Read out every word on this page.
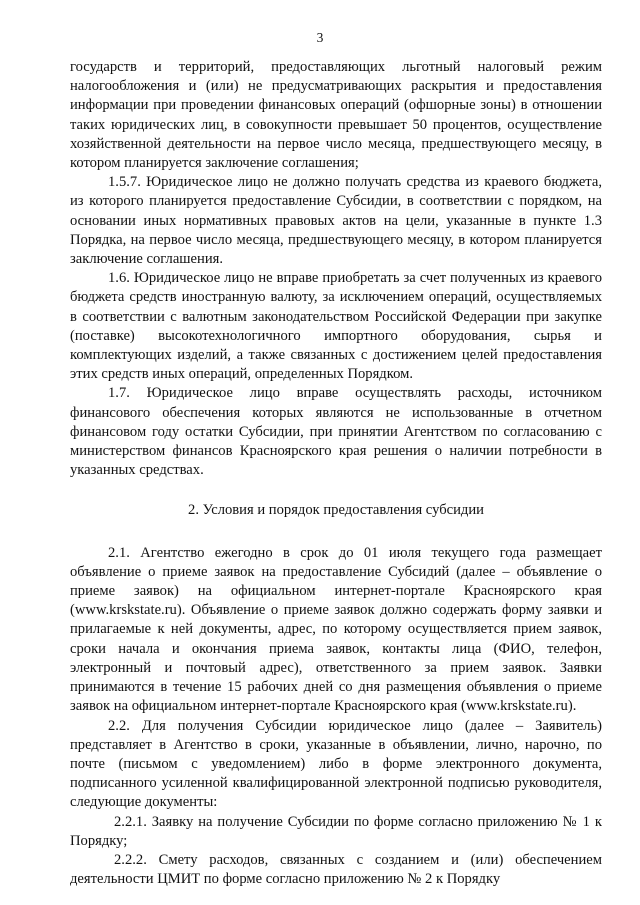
3

государств и территорий, предоставляющих льготный налоговый режим налогообложения и (или) не предусматривающих раскрытия и предоставления информации при проведении финансовых операций (офшорные зоны) в отношении таких юридических лиц, в совокупности превышает 50 процентов, осуществление хозяйственной деятельности на первое число месяца, предшествующего месяцу, в котором планируется заключение соглашения;

1.5.7. Юридическое лицо не должно получать средства из краевого бюджета, из которого планируется предоставление Субсидии, в соответствии с порядком, на основании иных нормативных правовых актов на цели, указанные в пункте 1.3 Порядка, на первое число месяца, предшествующего месяцу, в котором планируется заключение соглашения.

1.6. Юридическое лицо не вправе приобретать за счет полученных из краевого бюджета средств иностранную валюту, за исключением операций, осуществляемых в соответствии с валютным законодательством Российской Федерации при закупке (поставке) высокотехнологичного импортного оборудования, сырья и комплектующих изделий, а также связанных с достижением целей предоставления этих средств иных операций, определенных Порядком.

1.7. Юридическое лицо вправе осуществлять расходы, источником финансового обеспечения которых являются не использованные в отчетном финансовом году остатки Субсидии, при принятии Агентством по согласованию с министерством финансов Красноярского края решения о наличии потребности в указанных средствах.

2. Условия и порядок предоставления субсидии

2.1. Агентство ежегодно в срок до 01 июля текущего года размещает объявление о приеме заявок на предоставление Субсидий (далее – объявление о приеме заявок) на официальном интернет-портале Красноярского края (www.krskstate.ru). Объявление о приеме заявок должно содержать форму заявки и прилагаемые к ней документы, адрес, по которому осуществляется прием заявок, сроки начала и окончания приема заявок, контакты лица (ФИО, телефон, электронный и почтовый адрес), ответственного за прием заявок. Заявки принимаются в течение 15 рабочих дней со дня размещения объявления о приеме заявок на официальном интернет-портале Красноярского края (www.krskstate.ru).

2.2. Для получения Субсидии юридическое лицо (далее – Заявитель) представляет в Агентство в сроки, указанные в объявлении, лично, нарочно, по почте (письмом с уведомлением) либо в форме электронного документа, подписанного усиленной квалифицированной электронной подписью руководителя, следующие документы:

2.2.1. Заявку на получение Субсидии по форме согласно приложению № 1 к Порядку;

2.2.2. Смету расходов, связанных с созданием и (или) обеспечением деятельности ЦМИТ по форме согласно приложению № 2 к Порядку
